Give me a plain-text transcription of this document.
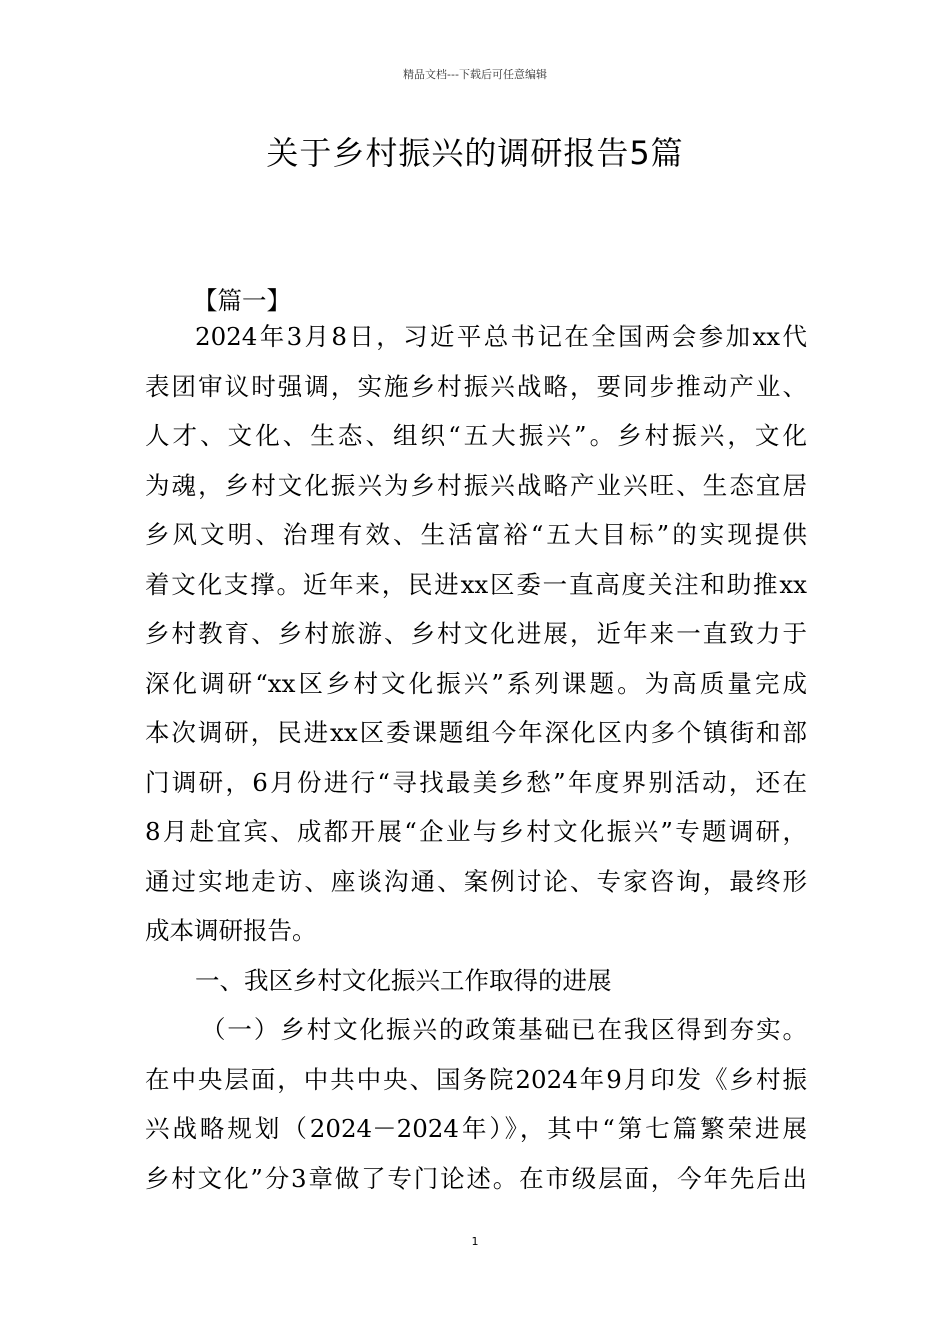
精品文档---下载后可任意编辑
关于乡村振兴的调研报告5篇
【篇一】
2024年3月8日，习近平总书记在全国两会参加xx代
表团审议时强调，实施乡村振兴战略，要同步推动产业、
人才、文化、生态、组织“五大振兴”。乡村振兴，文化
为魂，乡村文化振兴为乡村振兴战略产业兴旺、生态宜居
乡风文明、治理有效、生活富裕“五大目标”的实现提供
着文化支撑。近年来，民进xx区委一直高度关注和助推xx
乡村教育、乡村旅游、乡村文化进展，近年来一直致力于
深化调研“xx区乡村文化振兴”系列课题。为高质量完成
本次调研，民进xx区委课题组今年深化区内多个镇街和部
门调研，6月份进行“寻找最美乡愁”年度界别活动，还在
8月赴宜宾、成都开展“企业与乡村文化振兴”专题调研，
通过实地走访、座谈沟通、案例讨论、专家咨询，最终形
成本调研报告。
一、我区乡村文化振兴工作取得的进展
（一）乡村文化振兴的政策基础已在我区得到夯实。
在中央层面，中共中央、国务院2024年9月印发《乡村振
兴战略规划（2024－2024年）》，其中“第七篇繁荣进展
乡村文化”分3章做了专门论述。在市级层面，今年先后出
1
